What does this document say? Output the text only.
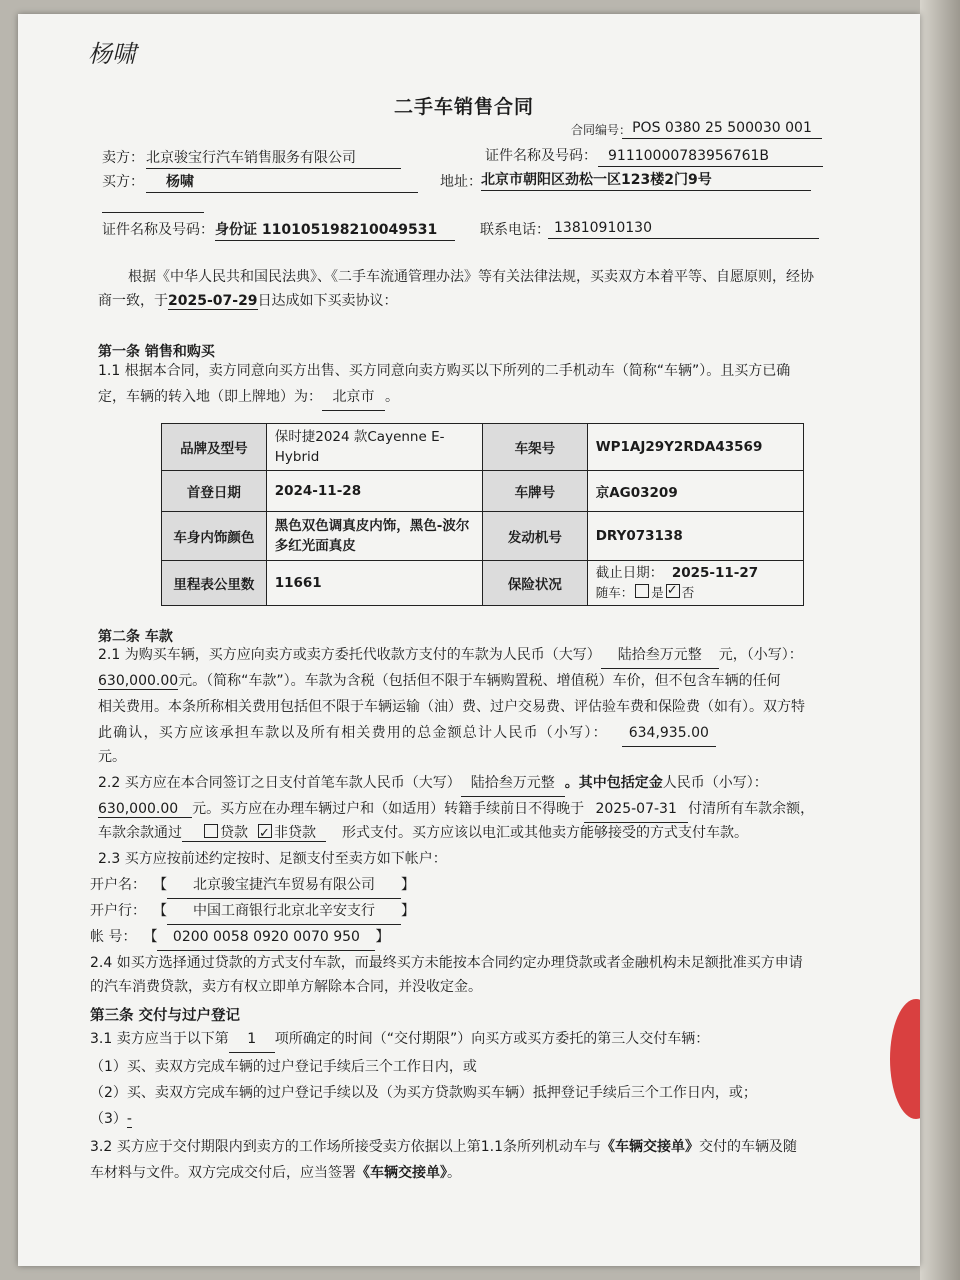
杨啸
二手车销售合同
合同编号： POS 0380 25 500030 001
卖方： 北京骏宝行汽车销售服务有限公司	证件名称及号码： 91110000783956761B
买方：	杨啸	地址： 北京市朝阳区劲松一区123楼2门9号
证件名称及号码： 身份证 110105198210049531	联系电话： 13810910130
根据《中华人民共和国民法典》、《二手车流通管理办法》等有关法律法规，买卖双方本着平等、自愿原则，经协
商一致，于2025-07-29日达成如下买卖协议：
第一条 销售和购买
1.1 根据本合同，卖方同意向买方出售、买方同意向卖方购买以下所列的二手机动车（简称“车辆”）。且买方已确
定，车辆的转入地（即上牌地）为： 北京市 。
品牌及型号	保时捷2024 款Cayenne E-Hybrid	车架号	WP1AJ29Y2RDA43569
首登日期	2024-11-28	车牌号	京AG03209
车身内饰颜色	黑色双色调真皮内饰，黑色-波尔多红光面真皮	发动机号	DRY073138
里程表公里数	11661	保险状况	截止日期： 2025-11-27
随车： 是 ✓ 否
第二条 车款
2.1 为购买车辆，买方应向卖方或卖方委托代收款方支付的车款为人民币（大写） 陆拾叁万元整 元，（小写）：
630,000.00元。（简称“车款”）。车款为含税（包括但不限于车辆购置税、增值税）车价，但不包含车辆的任何
相关费用。本条所称相关费用包括但不限于车辆运输（油）费、过户交易费、评估验车费和保险费（如有）。双方特
此确认，买方应该承担车款以及所有相关费用的总金额总计人民币（小写）： 634,935.00
元。
2.2 买方应在本合同签订之日支付首笔车款人民币（大写） 陆拾叁万元整 。其中包括定金人民币（小写）：
630,000.00 元。买方应在办理车辆过户和（如适用）转籍手续前日不得晚于 2025-07-31 付清所有车款余额，
车款余款通过	贷款 ✓ 非贷款 形式支付。买方应该以电汇或其他卖方能够接受的方式支付车款。
2.3 买方应按前述约定按时、足额支付至卖方如下帐户：
开户名： 【 北京骏宝捷汽车贸易有限公司 】
开户行： 【 中国工商银行北京北辛安支行 】
帐 号： 【 0200 0058 0920 0070 950 】
2.4 如买方选择通过贷款的方式支付车款，而最终买方未能按本合同约定办理贷款或者金融机构未足额批准买方申请
的汽车消费贷款，卖方有权立即单方解除本合同，并没收定金。
第三条 交付与过户登记
3.1 卖方应当于以下第 1 项所确定的时间（“交付期限”）向买方或买方委托的第三人交付车辆：
（1）买、卖双方完成车辆的过户登记手续后三个工作日内，或
（2）买、卖双方完成车辆的过户登记手续以及（为买方贷款购买车辆）抵押登记手续后三个工作日内，或；
（3）-
3.2 买方应于交付期限内到卖方的工作场所接受卖方依据以上第1.1条所列机动车与《车辆交接单》交付的车辆及随
车材料与文件。双方完成交付后，应当签署《车辆交接单》。
